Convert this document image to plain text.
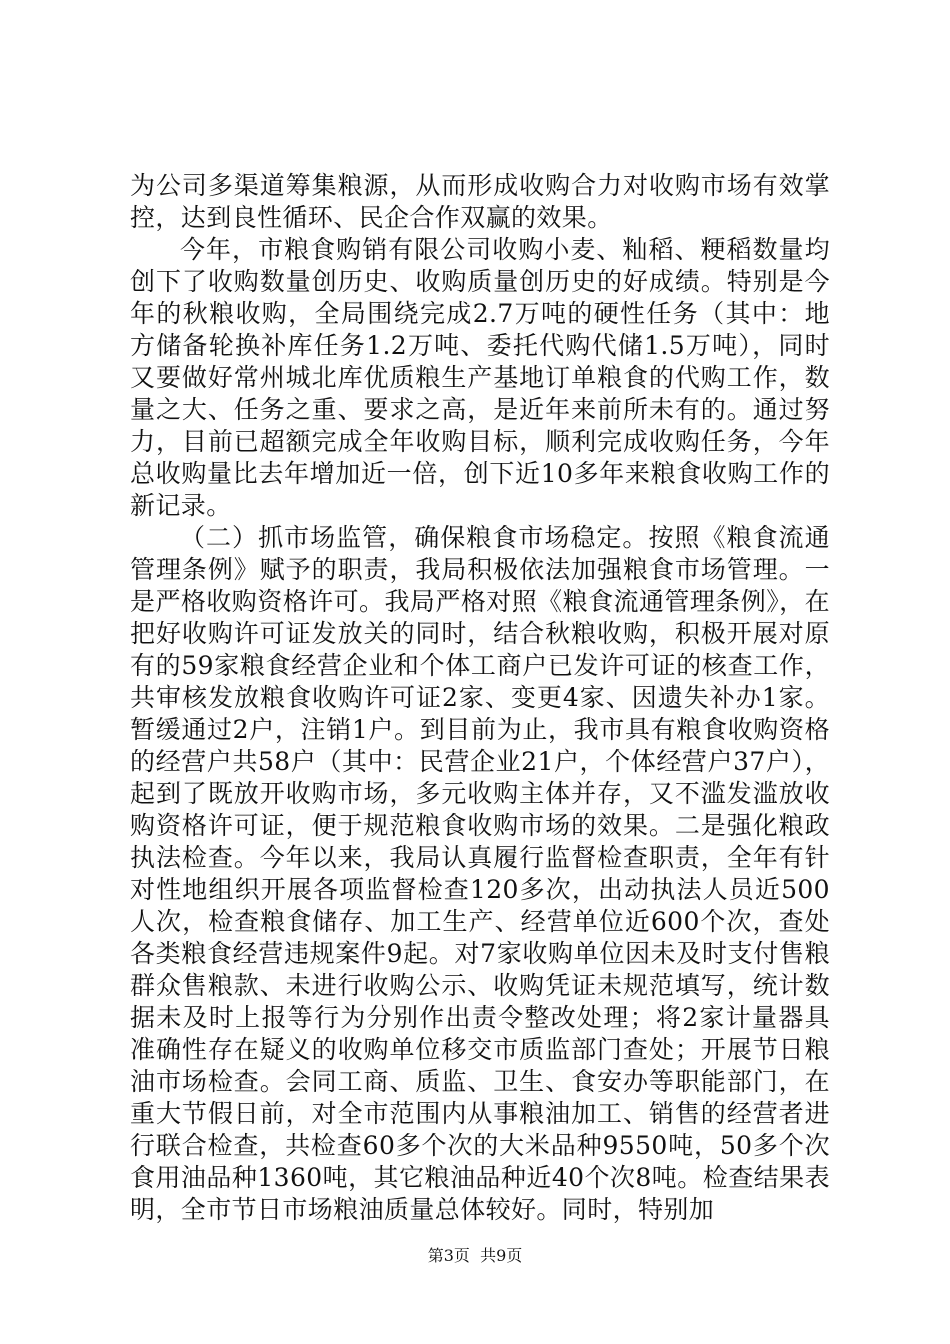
为公司多渠道筹集粮源，从而形成收购合力对收购市场有效掌控，达到良性循环、民企合作双赢的效果。

今年，市粮食购销有限公司收购小麦、籼稻、粳稻数量均创下了收购数量创历史、收购质量创历史的好成绩。特别是今年的秋粮收购，全局围绕完成2.7万吨的硬性任务（其中：地方储备轮换补库任务1.2万吨、委托代购代储1.5万吨），同时又要做好常州城北库优质粮生产基地订单粮食的代购工作，数量之大、任务之重、要求之高，是近年来前所未有的。通过努力，目前已超额完成全年收购目标，顺利完成收购任务，今年总收购量比去年增加近一倍，创下近10多年来粮食收购工作的新记录。

（二）抓市场监管，确保粮食市场稳定。按照《粮食流通管理条例》赋予的职责，我局积极依法加强粮食市场管理。一是严格收购资格许可。我局严格对照《粮食流通管理条例》，在把好收购许可证发放关的同时，结合秋粮收购，积极开展对原有的59家粮食经营企业和个体工商户已发许可证的核查工作，共审核发放粮食收购许可证2家、变更4家、因遗失补办1家。暂缓通过2户，注销1户。到目前为止，我市具有粮食收购资格的经营户共58户（其中：民营企业21户，个体经营户37户），起到了既放开收购市场，多元收购主体并存，又不滥发滥放收购资格许可证，便于规范粮食收购市场的效果。二是强化粮政执法检查。今年以来，我局认真履行监督检查职责，全年有针对性地组织开展各项监督检查120多次，出动执法人员近500人次，检查粮食储存、加工生产、经营单位近600个次，查处各类粮食经营违规案件9起。对7家收购单位因未及时支付售粮群众售粮款、未进行收购公示、收购凭证未规范填写，统计数据未及时上报等行为分别作出责令整改处理；将2家计量器具准确性存在疑义的收购单位移交市质监部门查处；开展节日粮油市场检查。会同工商、质监、卫生、食安办等职能部门，在重大节假日前，对全市范围内从事粮油加工、销售的经营者进行联合检查，共检查60多个次的大米品种9550吨，50多个次食用油品种1360吨，其它粮油品种近40个次8吨。检查结果表明，全市节日市场粮油质量总体较好。同时，特别加

第3页  共9页
